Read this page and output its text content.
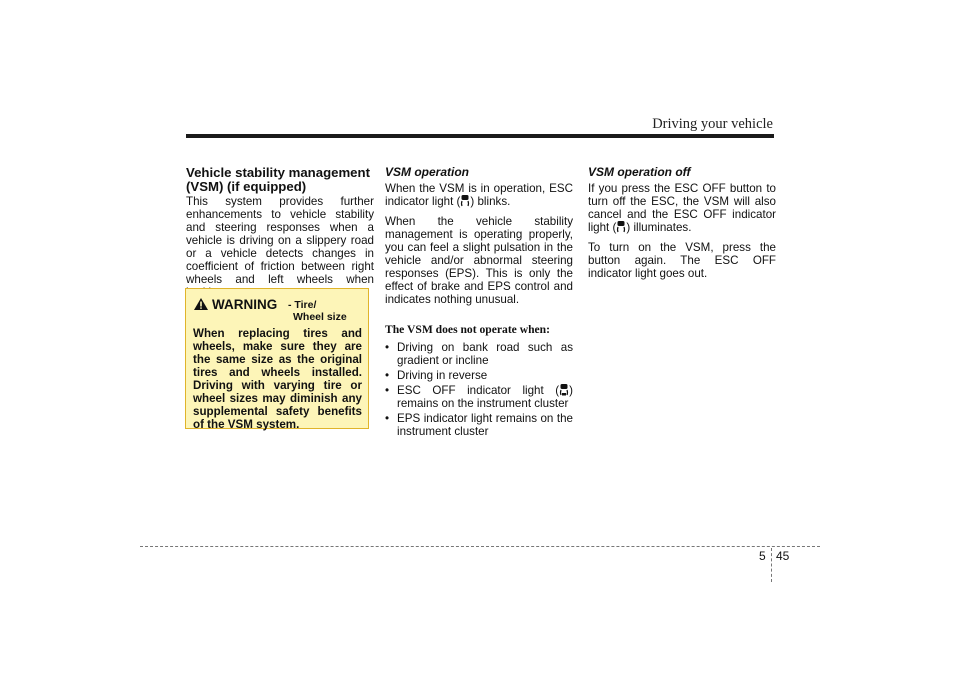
Driving your vehicle
Vehicle stability management (VSM) (if equipped)

This system provides further enhancements to vehicle stability and steering responses when a vehicle is driving on a slippery road or a vehicle detects changes in coefficient of friction between right wheels and left wheels when

WARNING - Tire/
Wheel size

When replacing tires and wheels, make sure they are the same size as the original tires and wheels installed. Driving with varying tire or wheel sizes may diminish any supplemental safety benefits of the VSM system.

VSM operation

When the VSM is in operation, ESC indicator light ( ) blinks.

When the vehicle stability management is operating properly, you can feel a slight pulsation in the vehicle and/or abnormal steering responses (EPS). This is only the effect of brake and EPS control and indicates nothing unusual.

The VSM does not operate when:
• Driving on bank road such as gradient or incline
• Driving in reverse
• ESC OFF indicator light ( ) remains on the instrument cluster
• EPS indicator light remains on the instrument cluster
VSM operation off

If you press the ESC OFF button to turn off the ESC, the VSM will also cancel and the ESC OFF indicator light ( ) illuminates.

To turn on the VSM, press the button again. The ESC OFF indicator light goes out.

5 45
